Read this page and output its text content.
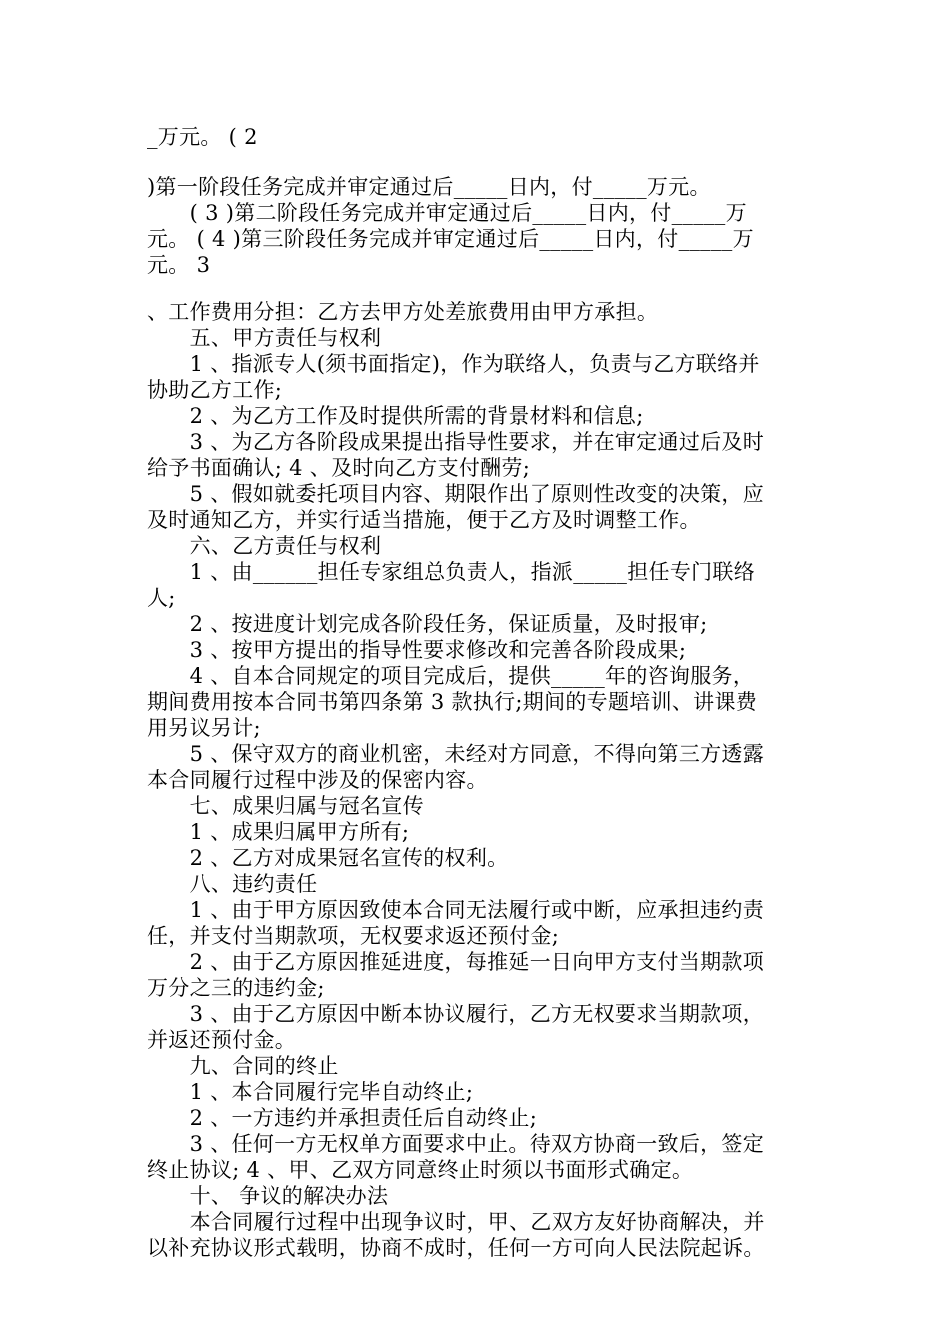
_万元。 ( 2
)第一阶段任务完成并审定通过后_____日内，付_____万元。
　　( 3 )第二阶段任务完成并审定通过后_____日内，付_____万
元。 ( 4 )第三阶段任务完成并审定通过后_____日内，付_____万
元。 3
、工作费用分担：乙方去甲方处差旅费用由甲方承担。
　　五、甲方责任与权利
　　1 、指派专人(须书面指定)，作为联络人，负责与乙方联络并
协助乙方工作;
　　2 、为乙方工作及时提供所需的背景材料和信息;
　　3 、为乙方各阶段成果提出指导性要求，并在审定通过后及时
给予书面确认; 4 、及时向乙方支付酬劳;
　　5 、假如就委托项目内容、期限作出了原则性改变的决策，应
及时通知乙方，并实行适当措施，便于乙方及时调整工作。
　　六、乙方责任与权利
　　1 、由______担任专家组总负责人，指派_____担任专门联络
人;
　　2 、按进度计划完成各阶段任务，保证质量，及时报审;
　　3 、按甲方提出的指导性要求修改和完善各阶段成果;
　　4 、自本合同规定的项目完成后，提供_____年的咨询服务，
期间费用按本合同书第四条第 3 款执行;期间的专题培训、讲课费
用另议另计;
　　5 、保守双方的商业机密，未经对方同意，不得向第三方透露
本合同履行过程中涉及的保密内容。
　　七、成果归属与冠名宣传
　　1 、成果归属甲方所有;
　　2 、乙方对成果冠名宣传的权利。
　　八、违约责任
　　1 、由于甲方原因致使本合同无法履行或中断，应承担违约责
任，并支付当期款项，无权要求返还预付金;
　　2 、由于乙方原因推延进度，每推延一日向甲方支付当期款项
万分之三的违约金;
　　3 、由于乙方原因中断本协议履行，乙方无权要求当期款项，
并返还预付金。
　　九、合同的终止
　　1 、本合同履行完毕自动终止;
　　2 、一方违约并承担责任后自动终止;
　　3 、任何一方无权单方面要求中止。待双方协商一致后，签定
终止协议; 4 、甲、乙双方同意终止时须以书面形式确定。
　　十、 争议的解决办法
　　本合同履行过程中出现争议时，甲、乙双方友好协商解决，并
以补充协议形式载明，协商不成时，任何一方可向人民法院起诉。
